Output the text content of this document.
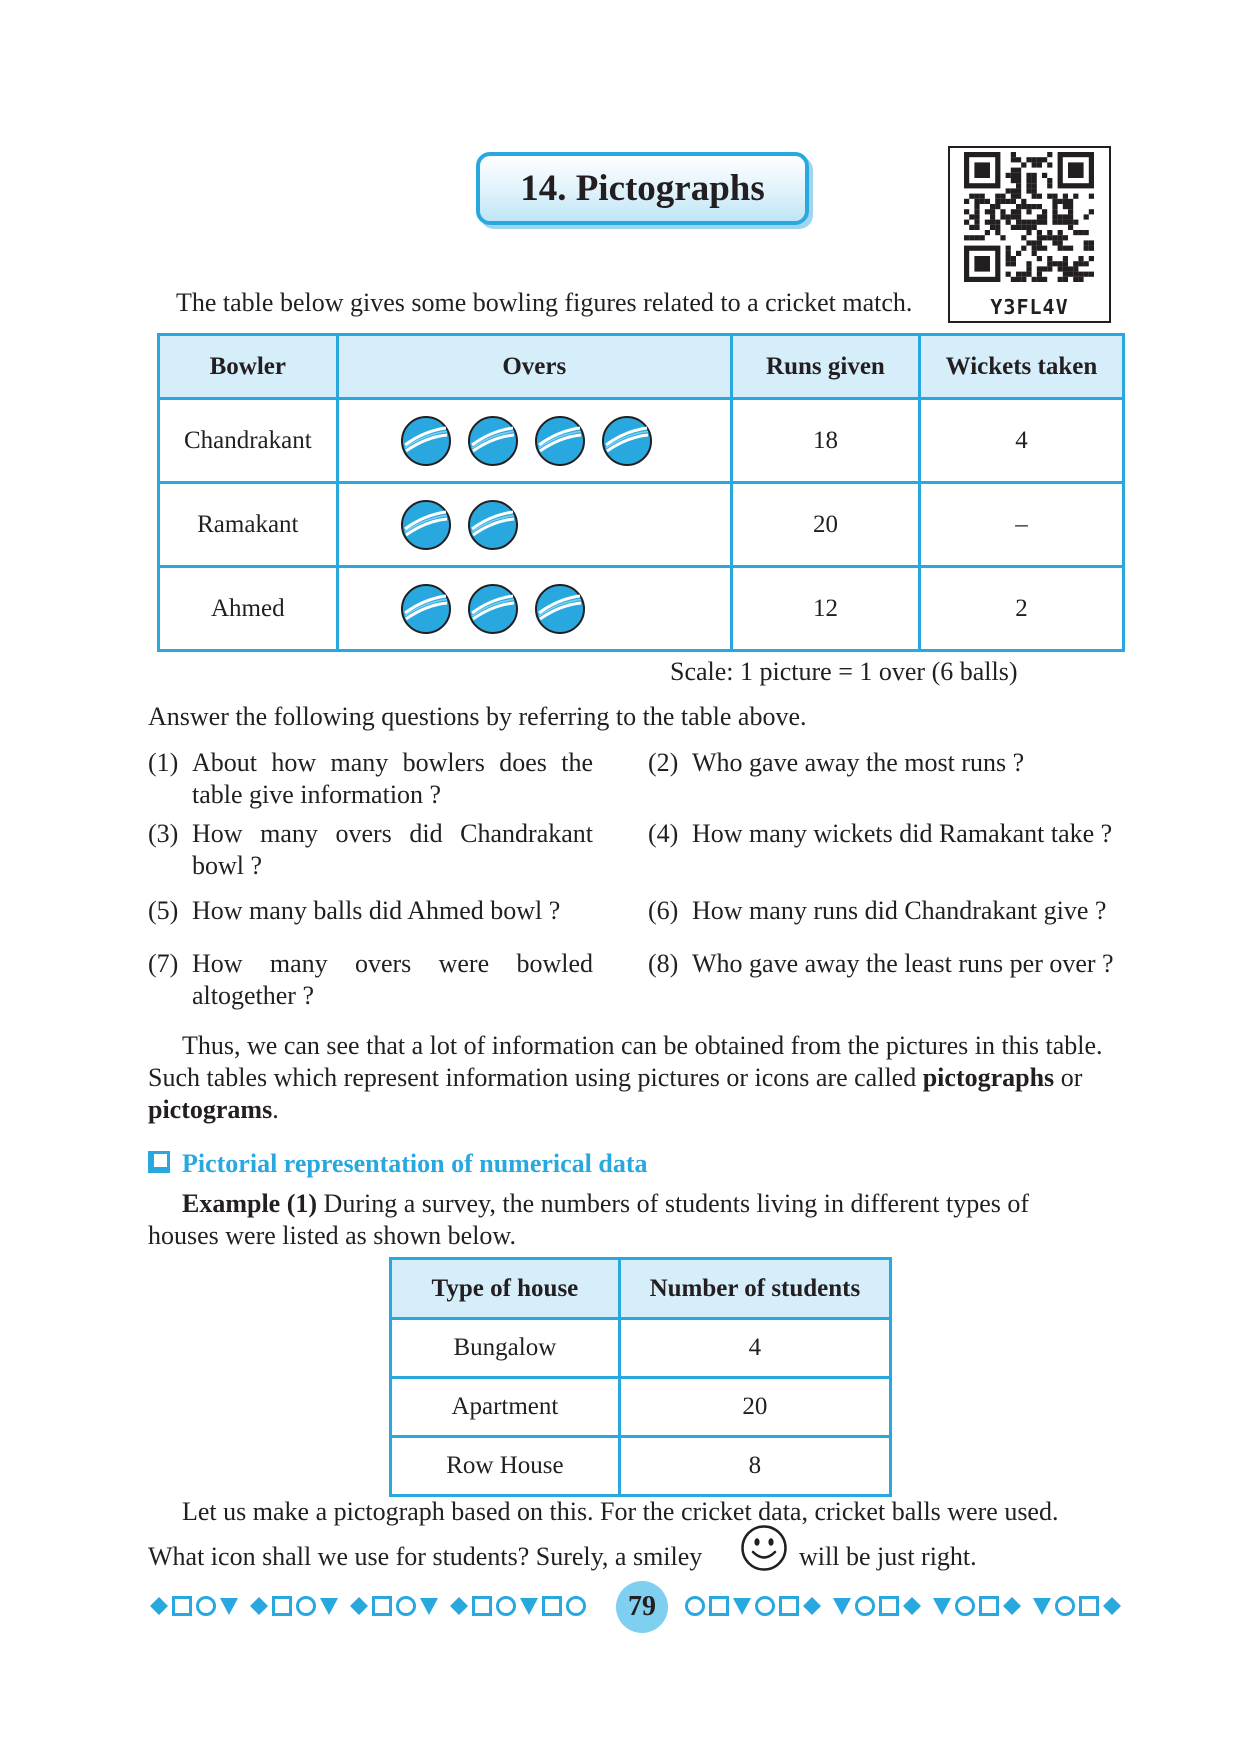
14. Pictographs
Y3FL4V
The table below gives some bowling figures related to a cricket match.
Bowler	Overs	Runs given	Wickets taken
Chandrakant		18	4
Ramakant		20	–
Ahmed		12	2
Scale: 1 picture = 1 over (6 balls)
Answer the following questions by referring to the table above.
(1) About how many bowlers does the
table give information ?
(2) Who gave away the most runs ?
(3) How many overs did Chandrakant
bowl ?
(4) How many wickets did Ramakant take ?
(5) How many balls did Ahmed bowl ?	(6) How many runs did Chandrakant give ?
(7) How many overs were bowled
altogether ?
(8) Who gave away the least runs per over ?
Thus, we can see that a lot of information can be obtained from the pictures in this table.
Such tables which represent information using pictures or icons are called pictographs or
pictograms.
Pictorial representation of numerical data
Example (1) During a survey, the numbers of students living in different types of
houses were listed as shown below.
Type of house	Number of students
Bungalow	4
Apartment	20
Row House	8
Let us make a pictograph based on this. For the cricket data, cricket balls were used.
What icon shall we use for students? Surely, a smiley	will be just right.
79
